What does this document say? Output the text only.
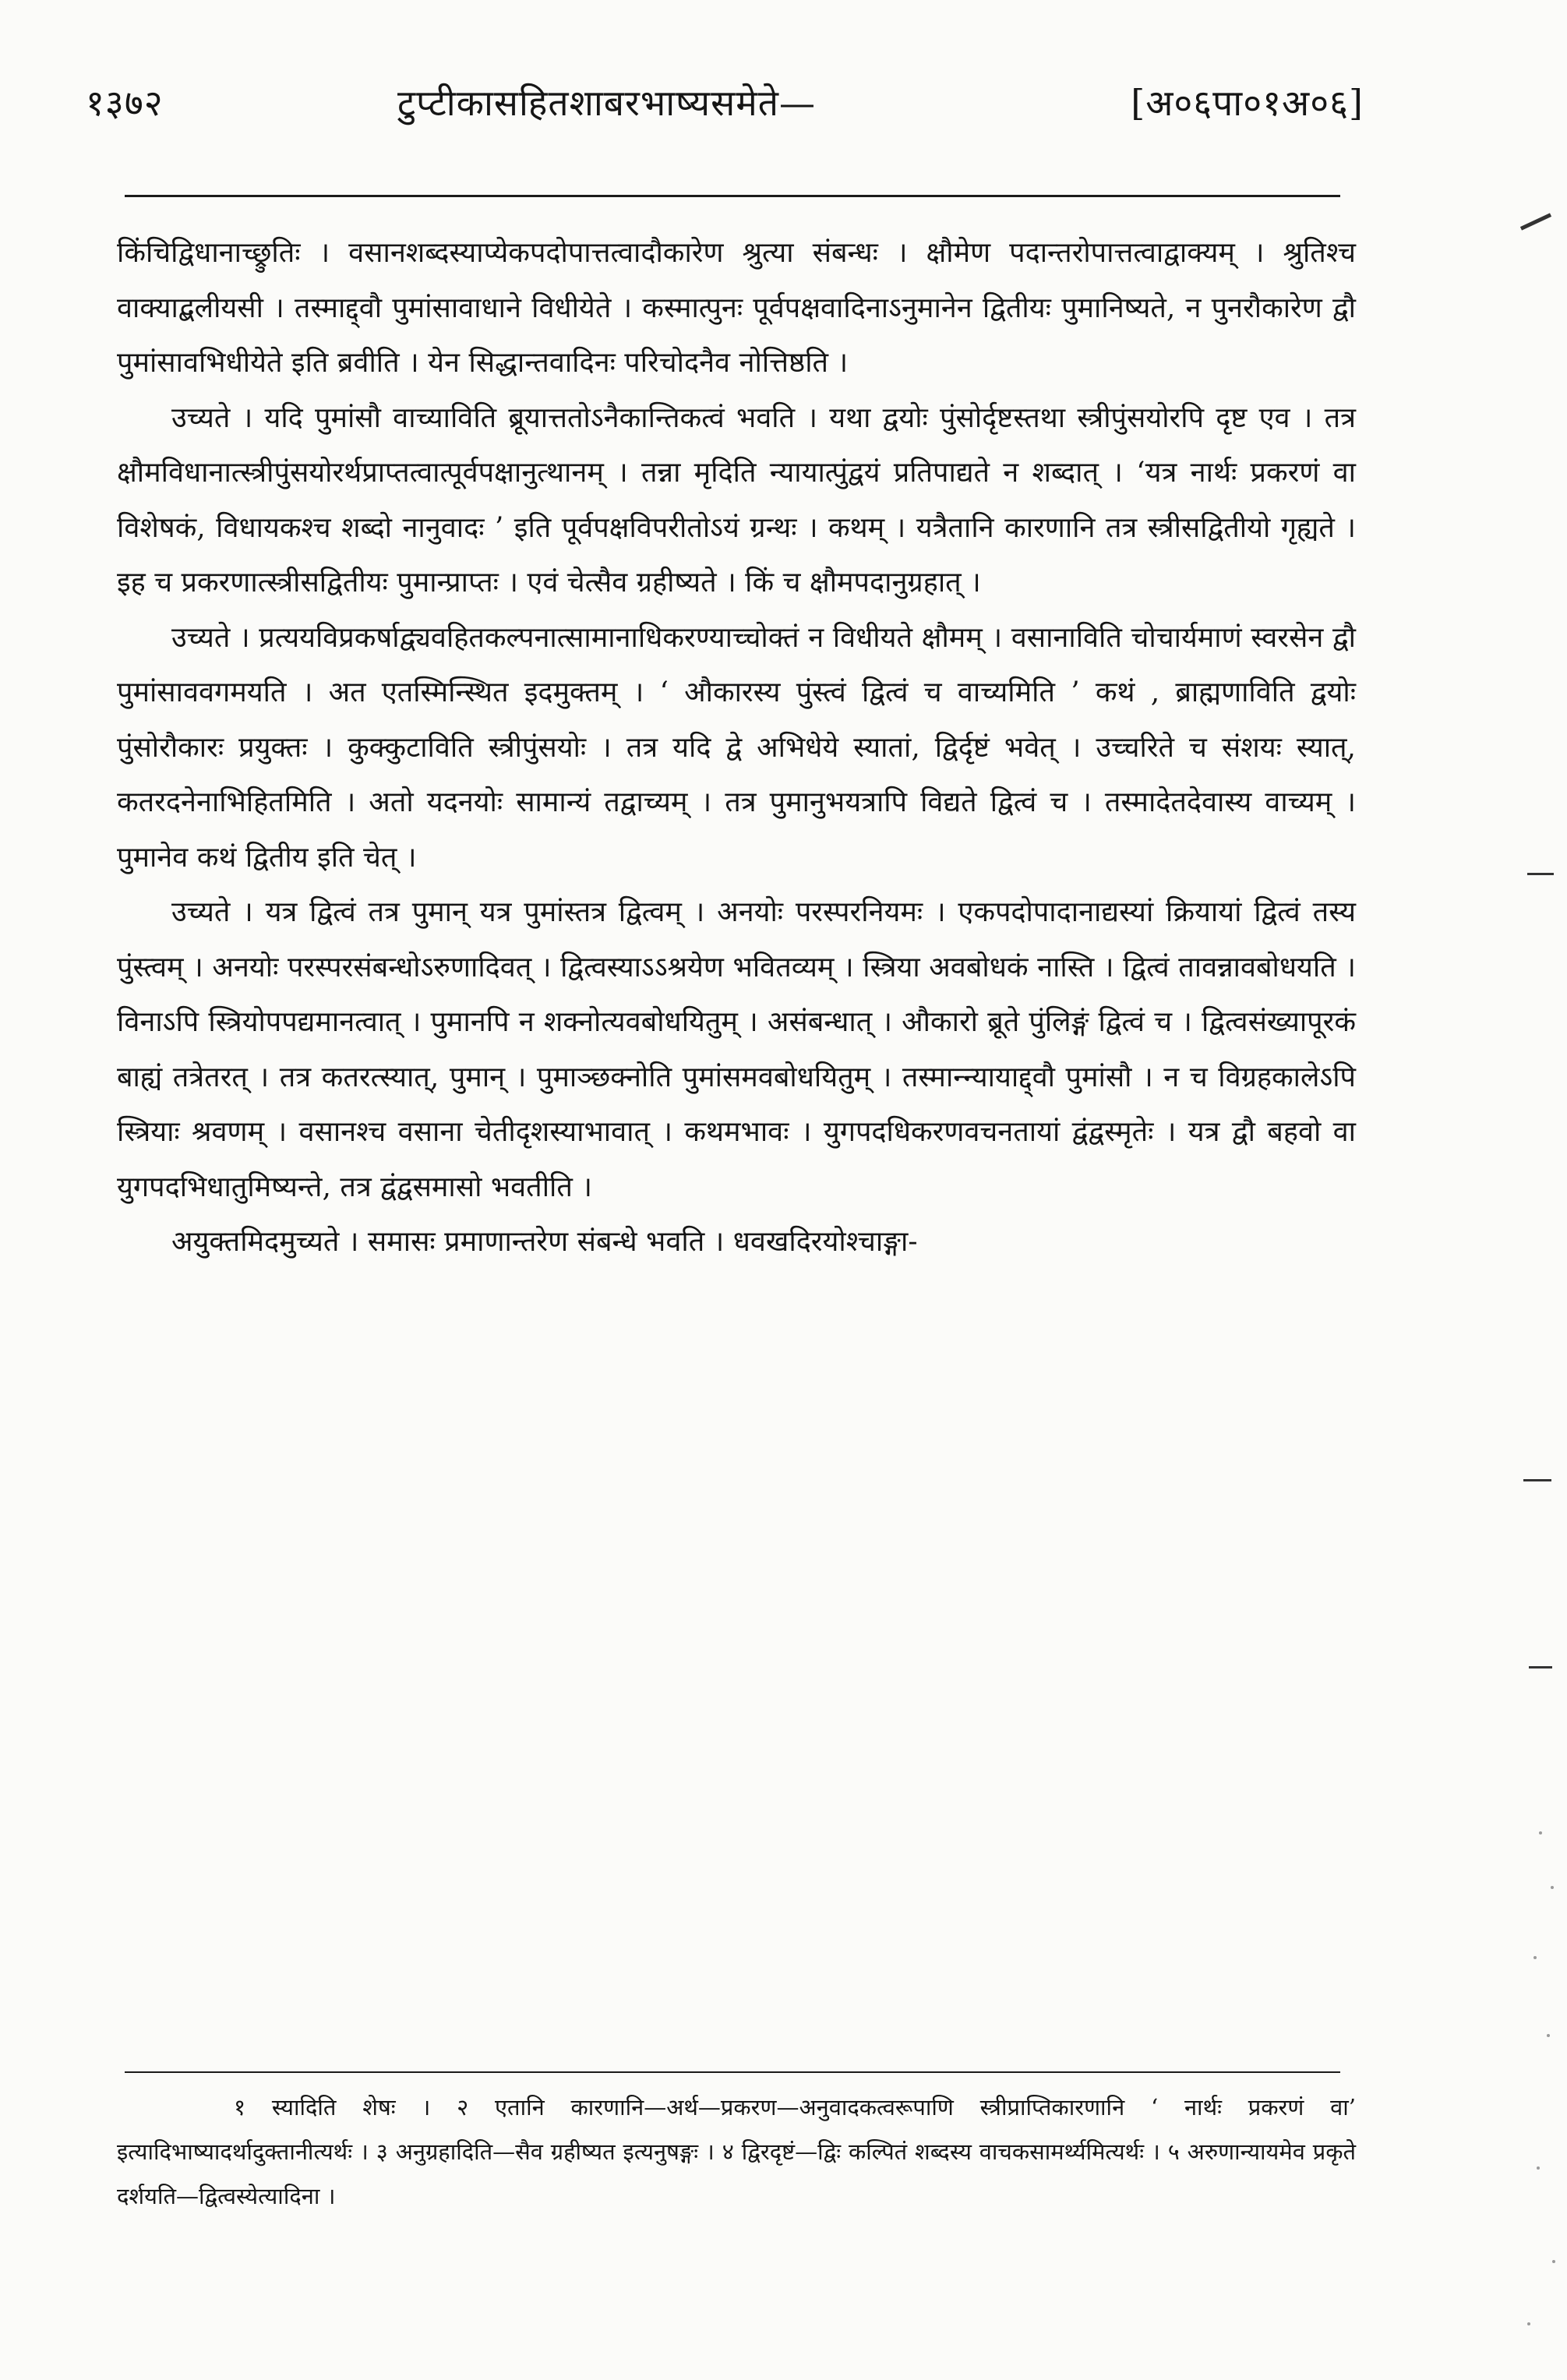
१३७२	टुप्टीकासहितशाबरभाष्यसमेते—	[अ०६पा०१अ०६]

किंचिद्विधानाच्छ्रुतिः । वसानशब्दस्याप्येकपदोपात्तत्वादौकारेण श्रुत्या संबन्धः । क्षौमेण पदान्तरोपात्तत्वाद्वाक्यम् । श्रुतिश्च वाक्याद्बलीयसी । तस्माद्द्वौ पुमांसावाधाने विधीयेते । कस्मात्पुनः पूर्वपक्षवादिनाऽनुमानेन द्वितीयः पुमानिष्यते, न पुनरौकारेण द्वौ पुमांसावभिधीयेते इति ब्रवीति । येन सिद्धान्तवादिनः परिचोदनैव नोत्तिष्ठति ।

उच्यते । यदि पुमांसौ वाच्याविति ब्रूयात्ततोऽनैकान्तिकत्वं भवति । यथा द्वयोः पुंसोर्दृष्टस्तथा स्त्रीपुंसयोरपि दृष्ट एव । तत्र क्षौमविधानात्स्त्रीपुंसयोरर्थप्राप्तत्वात्पूर्वपक्षानुत्थानम् । तन्ना मृदिति न्यायात्पुंद्वयं प्रतिपाद्यते न शब्दात् । ‘यत्र नार्थः प्रकरणं वा विशेषकं, विधायकश्च शब्दो नानुवादः ’ इति पूर्वपक्षविपरीतोऽयं ग्रन्थः । कथम् । यत्रैतानि कारणानि तत्र स्त्रीसद्वितीयो गृह्यते । इह च प्रकरणात्स्त्रीसद्वितीयः पुमान्प्राप्तः । एवं चेत्सैव ग्रहीष्यते । किं च क्षौमपदानुग्रहात् ।

उच्यते । प्रत्ययविप्रकर्षाद्व्यवहितकल्पनात्सामानाधिकरण्याच्चोक्तं न विधीयते क्षौमम् । वसानाविति चोचार्यमाणं स्वरसेन द्वौ पुमांसाववगमयति । अत एतस्मिन्स्थित इदमुक्तम् । ‘ औकारस्य पुंस्त्वं द्वित्वं च वाच्यमिति ’ कथं , ब्राह्मणाविति द्वयोः पुंसोरौकारः प्रयुक्तः । कुक्कुटाविति स्त्रीपुंसयोः । तत्र यदि द्वे अभिधेये स्यातां, द्विर्दृष्टं भवेत् । उच्चरिते च संशयः स्यात्, कतरदनेनाभिहितमिति । अतो यदनयोः सामान्यं तद्वाच्यम् । तत्र पुमानुभयत्रापि विद्यते द्वित्वं च । तस्मादेतदेवास्य वाच्यम् । पुमानेव कथं द्वितीय इति चेत् ।

उच्यते । यत्र द्वित्वं तत्र पुमान् यत्र पुमांस्तत्र द्वित्वम् । अनयोः परस्परनियमः । एकपदोपादानाद्यस्यां क्रियायां द्वित्वं तस्य पुंस्त्वम् । अनयोः परस्परसंबन्धोऽरुणादिवत् । द्वित्वस्याऽऽश्रयेण भवितव्यम् । स्त्रिया अवबोधकं नास्ति । द्वित्वं तावन्नावबोधयति । विनाऽपि स्त्रियोपपद्यमानत्वात् । पुमानपि न शक्नोत्यवबोधयितुम् । असंबन्धात् । औकारो ब्रूते पुंलिङ्गं द्वित्वं च । द्वित्वसंख्यापूरकं बाह्यं तत्रेतरत् । तत्र कतरत्स्यात्, पुमान् । पुमाञ्छक्नोति पुमांसमवबोधयितुम् । तस्मान्न्यायाद्द्वौ पुमांसौ । न च विग्रहकालेऽपि स्त्रियाः श्रवणम् । वसानश्च वसाना चेतीदृशस्याभावात् । कथमभावः । युगपदधिकरणवचनतायां द्वंद्वस्मृतेः । यत्र द्वौ बहवो वा युगपदभिधातुमिष्यन्ते, तत्र द्वंद्वसमासो भवतीति ।

अयुक्तमिदमुच्यते । समासः प्रमाणान्तरेण संबन्धे भवति । धवखदिरयोश्चाङ्गा-

१ स्यादिति शेषः । २ एतानि कारणानि—अर्थ—प्रकरण—अनुवादकत्वरूपाणि स्त्रीप्राप्तिकारणानि ‘ नार्थः प्रकरणं वा’ इत्यादिभाष्यादर्थादुक्तानीत्यर्थः । ३ अनुग्रहादिति—सैव ग्रहीष्यत इत्यनुषङ्गः । ४ द्विरदृष्टं—द्विः कल्पितं शब्दस्य वाचकसामर्थ्यमित्यर्थः । ५ अरुणान्यायमेव प्रकृते दर्शयति—द्वित्वस्येत्यादिना ।
